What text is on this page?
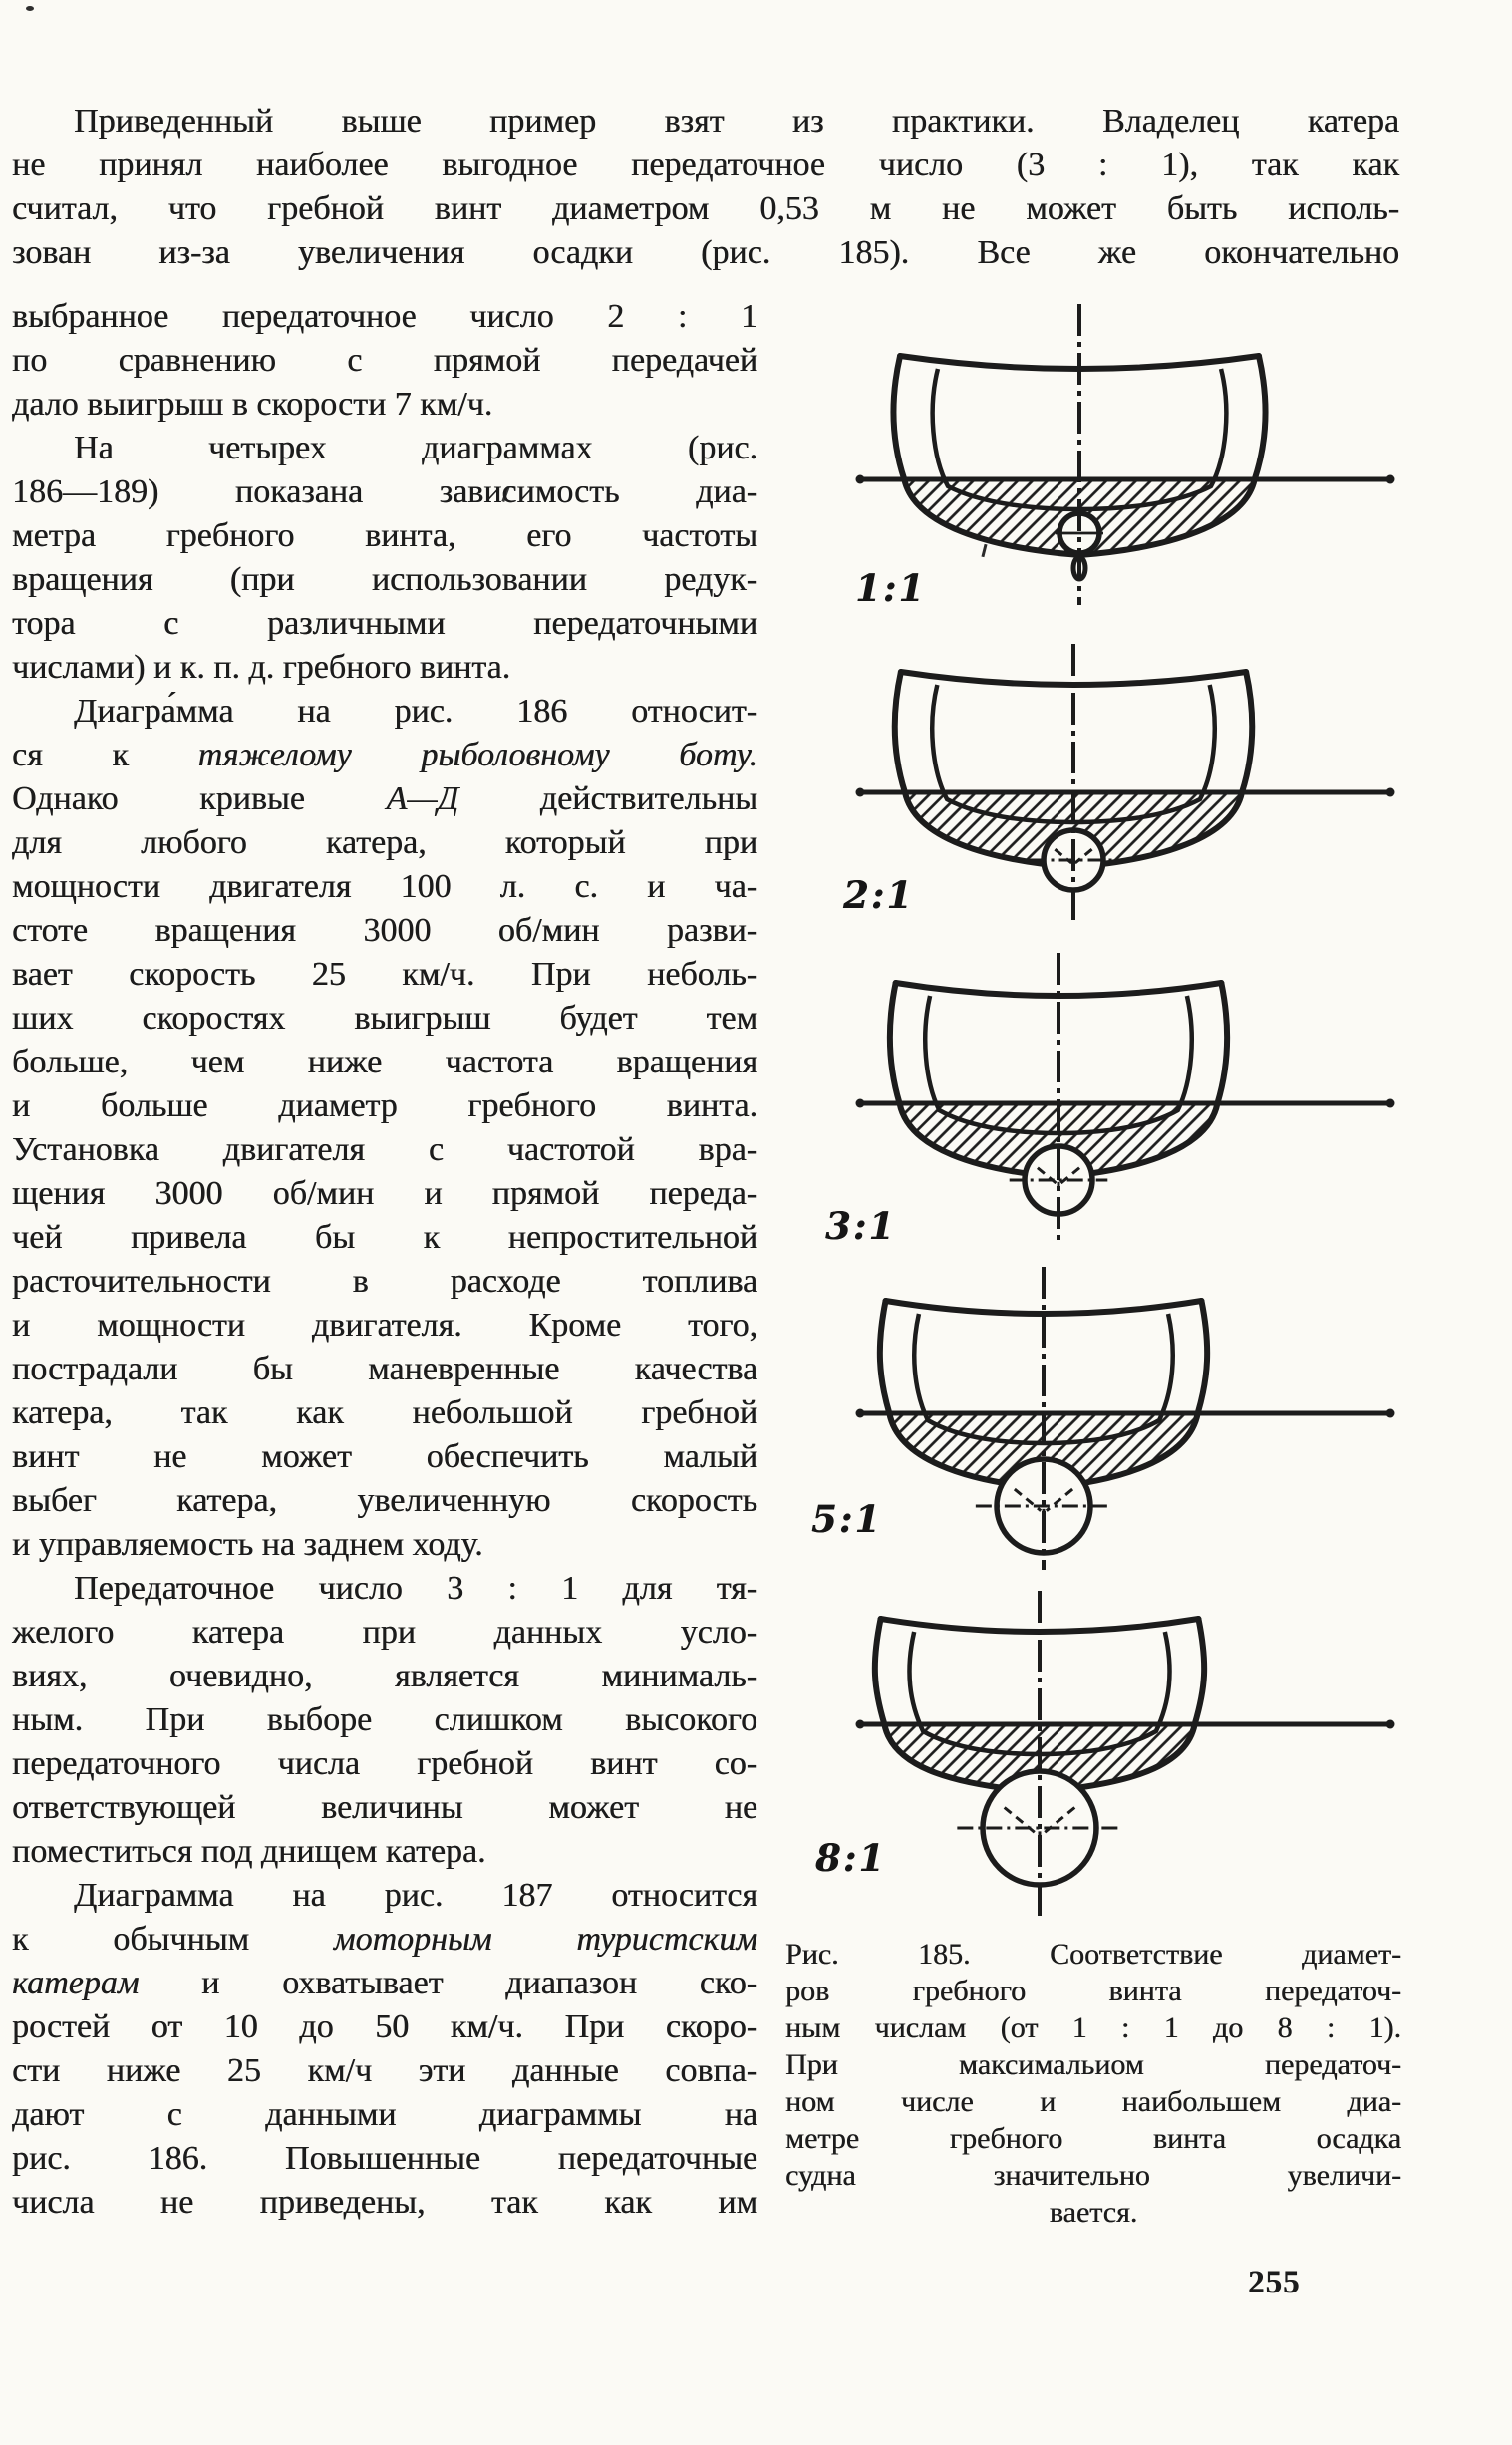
Приведенный выше пример взят из практики. Владелец катера
не принял наиболее выгодное передаточное число (3 : 1), так как
считал, что гребной винт диаметром 0,53 м не может быть исполь-
зован из-за увеличения осадки (рис. 185). Все же окончательно
выбранное передаточное число 2 : 1
по сравнению с прямой передачей
дало выигрыш в скорости 7 км/ч.
На четырех диаграммах (рис.
186—189) показана зависимость диа-
метра гребного винта, его частоты
вращения (при использовании редук-
тора с различными передаточными
числами) и к. п. д. гребного винта.
Диагра́мма на рис. 186 относит-
ся к тяжелому рыболовному боту.
Однако кривые А—Д действительны
для любого катера, который при
мощности двигателя 100 л. с. и ча-
стоте вращения 3000 об/мин разви-
вает скорость 25 км/ч. При неболь-
ших скоростях выигрыш будет тем
больше, чем ниже частота вращения
и больше диаметр гребного винта.
Установка двигателя с частотой вра-
щения 3000 об/мин и прямой переда-
чей привела бы к непростительной
расточительности в расходе топлива
и мощности двигателя. Кроме того,
пострадали бы маневренные качества
катера, так как небольшой гребной
винт не может обеспечить малый
выбег катера, увеличенную скорость
и управляемость на заднем ходу.
Передаточное число 3 : 1 для тя-
желого катера при данных усло-
виях, очевидно, является минималь-
ным. При выборе слишком высокого
передаточного числа гребной винт со-
ответствующей величины может не
поместиться под днищем катера.
Диаграмма на рис. 187 относится
к обычным моторным туристским
катерам и охватывает диапазон ско-
ростей от 10 до 50 км/ч. При скоро-
сти ниже 25 км/ч эти данные совпа-
дают с данными диаграммы на
рис. 186. Повышенные передаточные
числа не приведены, так как им
Рис. 185. Соответствие диамет-
ров гребного винта передаточ-
ным числам (от 1 : 1 до 8 : 1).
При максимальиом передаточ-
ном числе и наибольшем диа-
метре гребного винта осадка
судна значительно увеличи-
вается.
255
1:1
2:1
3:1
5:1
8:1
